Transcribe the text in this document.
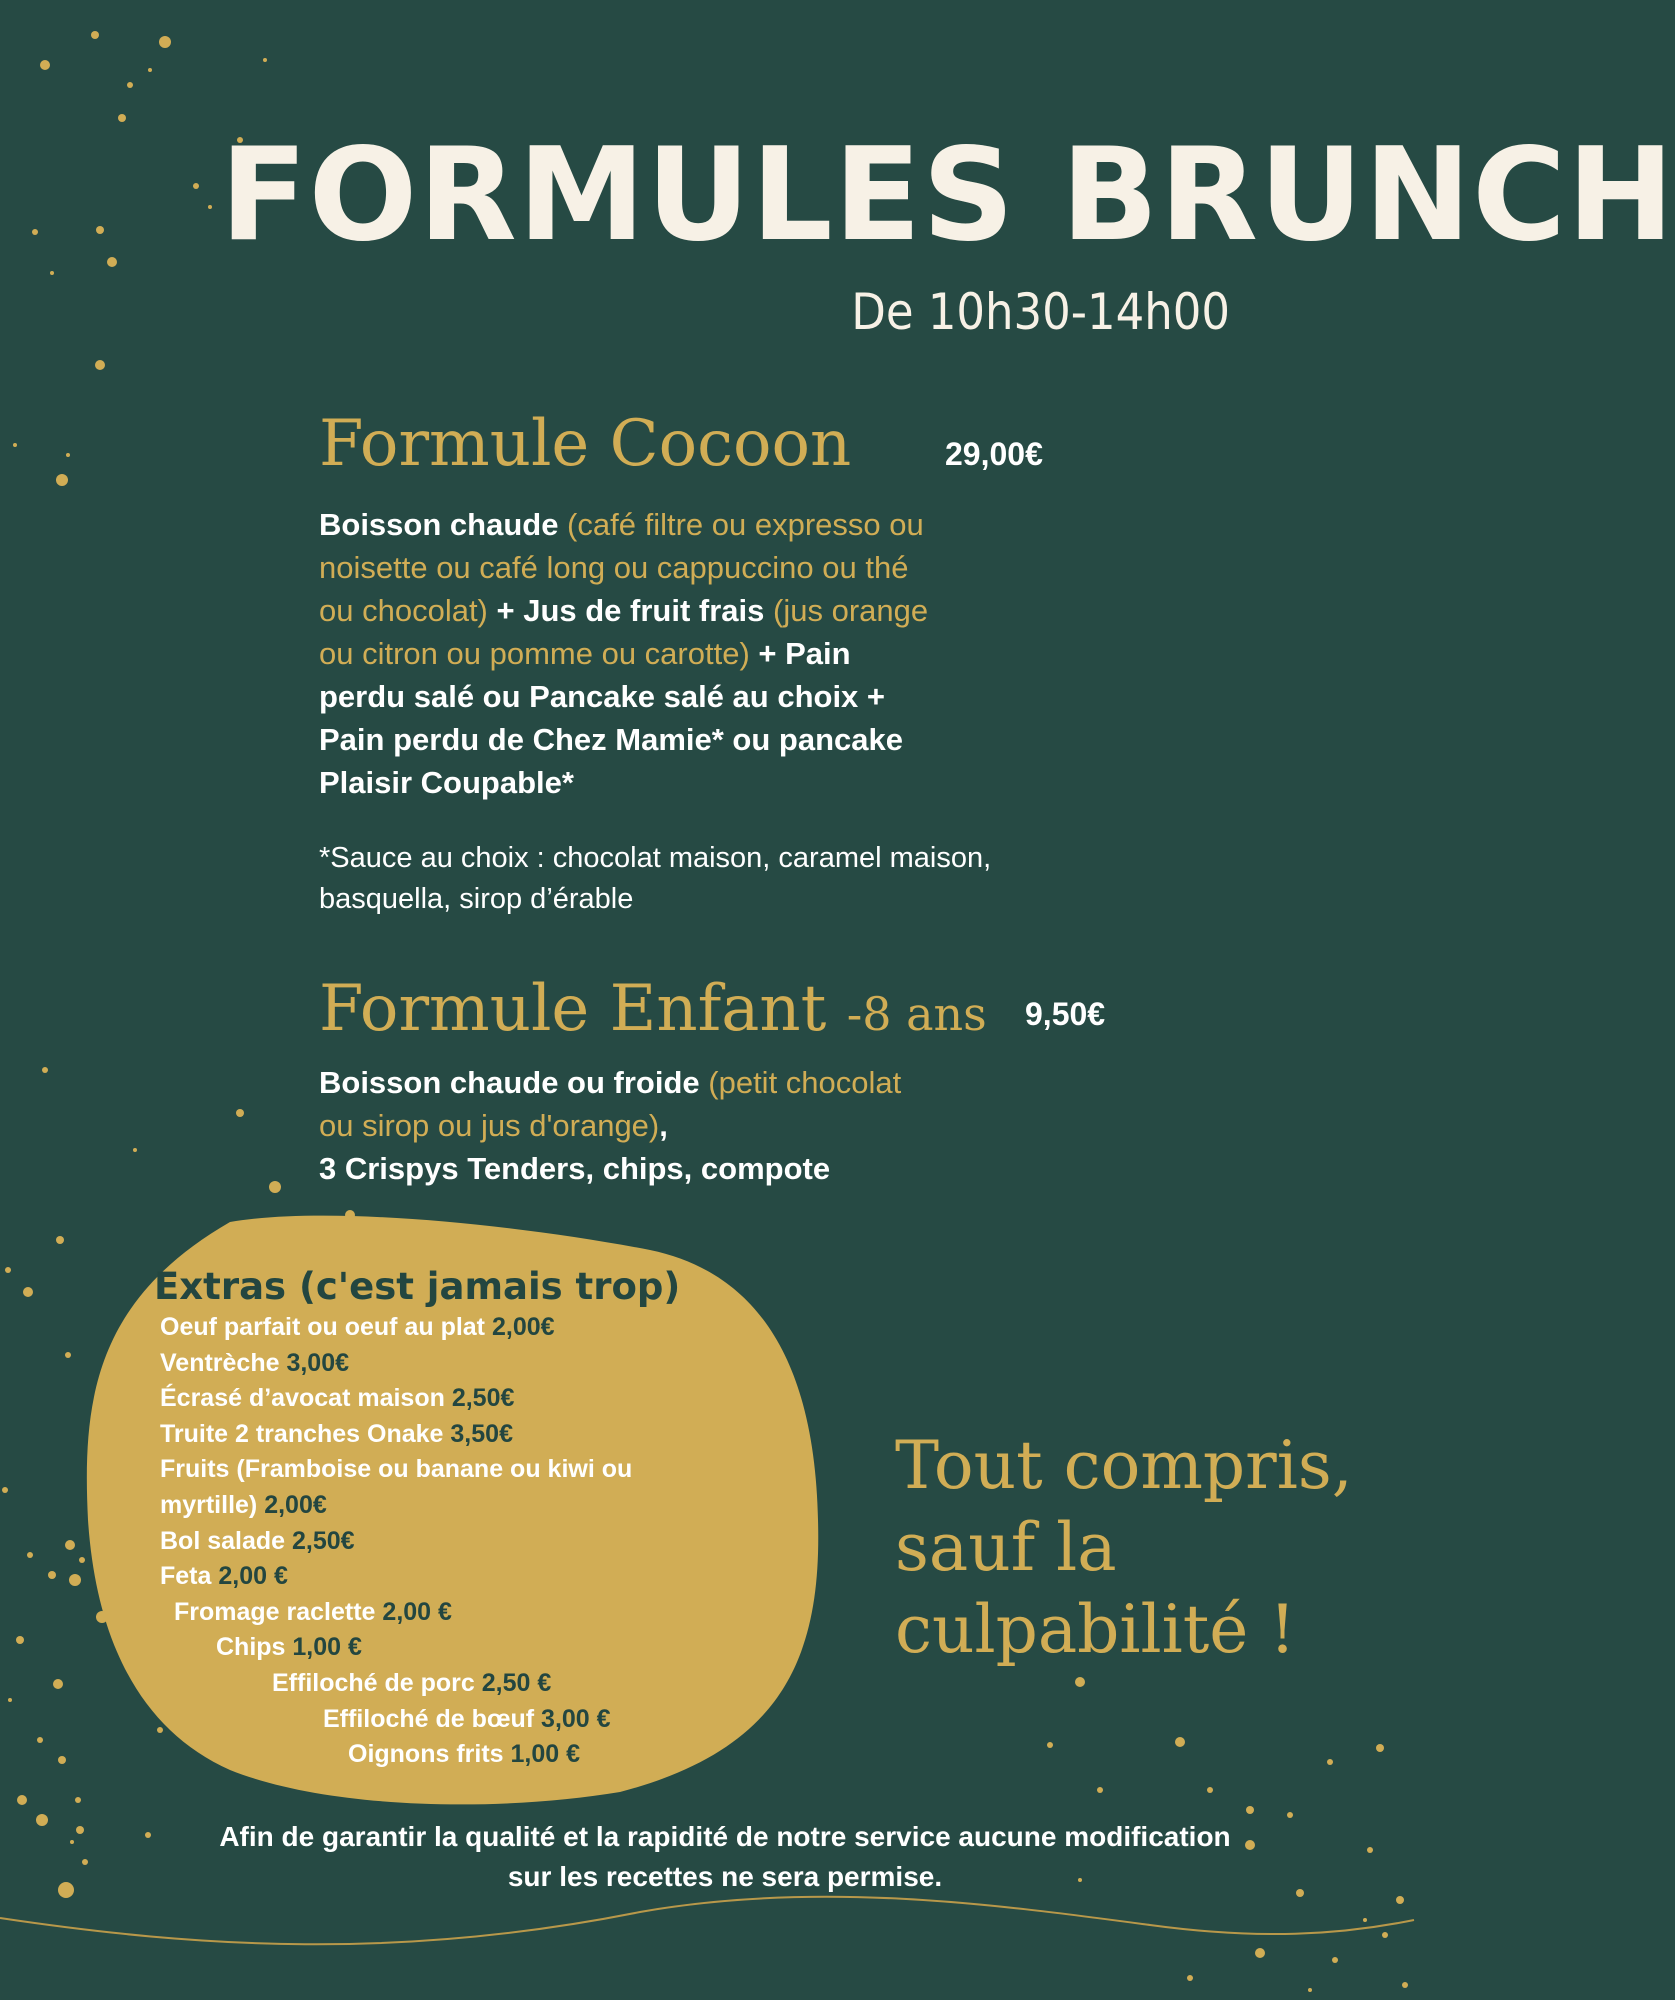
FORMULES BRUNCH
De 10h30-14h00
Formule Cocoon	29,00€
Boisson chaude (café filtre ou expresso ou noisette ou café long ou cappuccino ou thé ou chocolat) + Jus de fruit frais (jus orange ou citron ou pomme ou carotte) + Pain perdu salé ou Pancake salé au choix + Pain perdu de Chez Mamie* ou pancake Plaisir Coupable*
*Sauce au choix : chocolat maison, caramel maison, basquella, sirop d’érable
Formule Enfant -8 ans 9,50€
Boisson chaude ou froide (petit chocolat ou sirop ou jus d'orange),
3 Crispys Tenders, chips, compote
Extras (c'est jamais trop)
Oeuf parfait ou oeuf au plat 2,00€
Ventrèche 3,00€
Écrasé d’avocat maison 2,50€
Truite 2 tranches Onake 3,50€
Fruits (Framboise ou banane ou kiwi ou
myrtille) 2,00€
Bol salade 2,50€
Feta 2,00 €
Fromage raclette 2,00 €
Chips 1,00 €
Effiloché de porc 2,50 €
Effiloché de bœuf 3,00 €
Oignons frits 1,00 €
Tout compris,
sauf la
culpabilité !
Afin de garantir la qualité et la rapidité de notre service aucune modification
sur les recettes ne sera permise.
